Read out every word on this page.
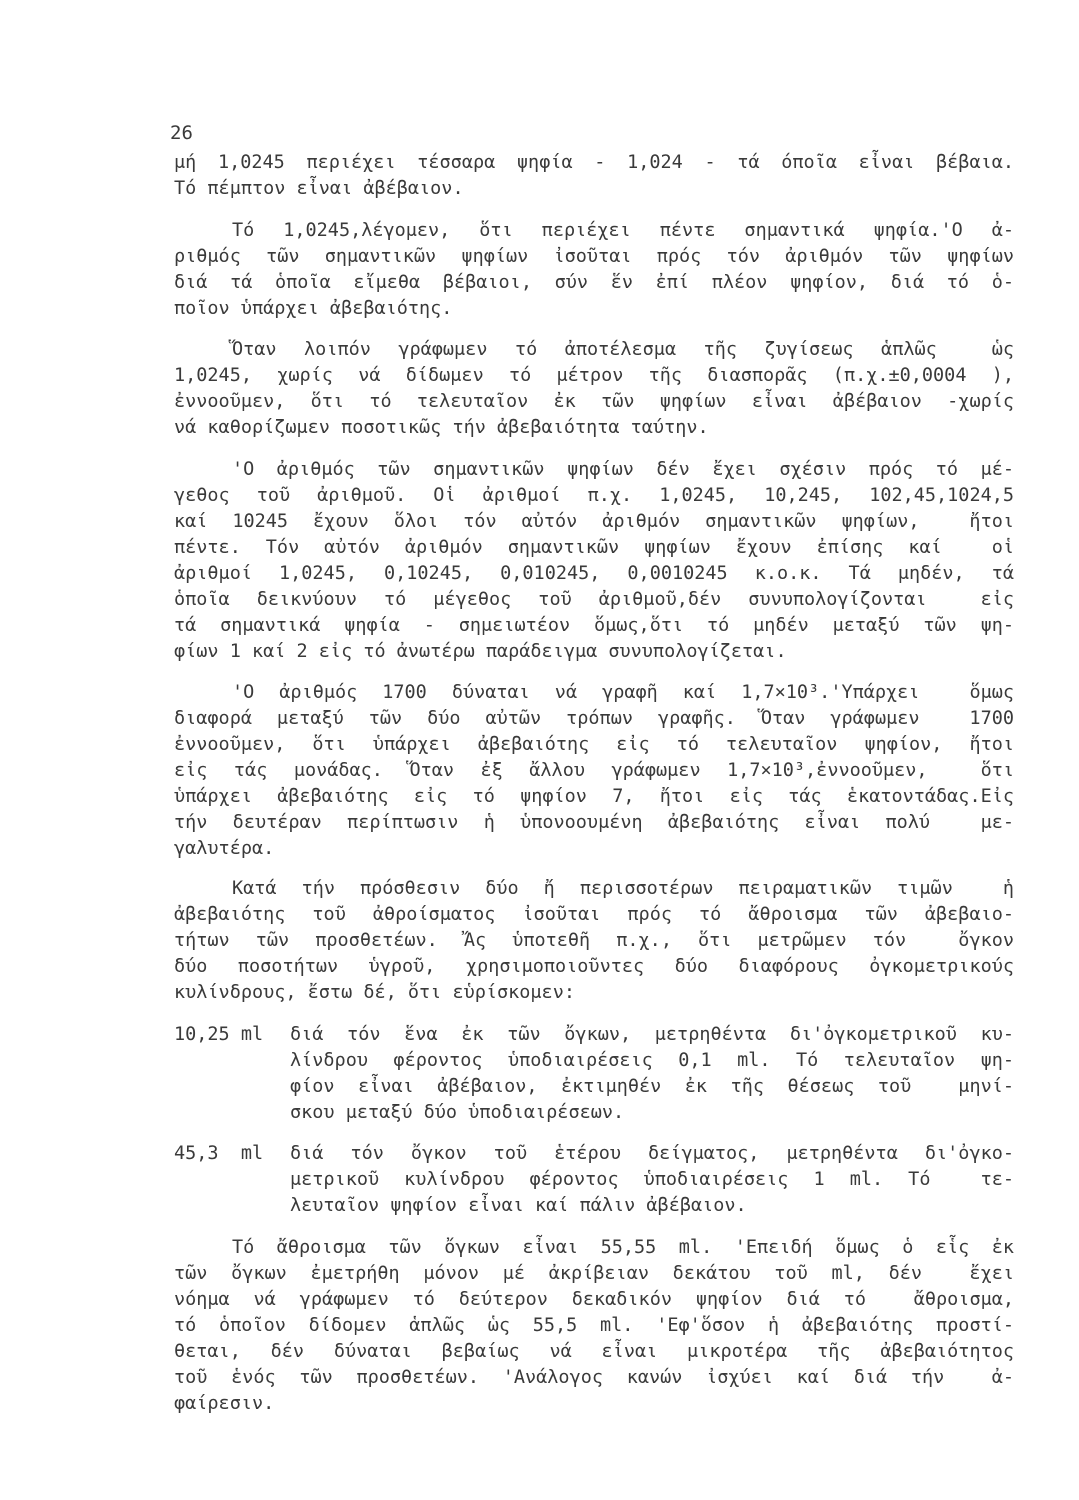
26
μή 1,0245 περιέχει τέσσαρα ψηφία - 1,024 - τά όποῖα εἶναι βέβαια.
Τό πέμπτον εἶναι ἀβέβαιον.
Τό 1,0245,λέγομεν, ὅτι περιέχει πέντε σημαντικά ψηφία.'Ο ἀ-
ριθμός τῶν σημαντικῶν ψηφίων ἰσοῦται πρός τόν ἀριθμόν τῶν ψηφίων
διά τά ὁποῖα εἴμεθα βέβαιοι, σύν ἕν ἐπί πλέον ψηφίον, διά τό ὁ-
ποῖον ὑπάρχει ἀβεβαιότης.
Ὅταν λοιπόν γράφωμεν τό ἀποτέλεσμα τῆς ζυγίσεως ἁπλῶς  ὡς
1,0245, χωρίς νά δίδωμεν τό μέτρον τῆς διασπορᾶς (π.χ.±0,0004 ),
ἐννοοῦμεν, ὅτι τό τελευταῖον ἐκ τῶν ψηφίων εἶναι ἀβέβαιον -χωρίς
νά καθορίζωμεν ποσοτικῶς τήν ἀβεβαιότητα ταύτην.
'Ο ἀριθμός τῶν σημαντικῶν ψηφίων δέν ἔχει σχέσιν πρός τό μέ-
γεθος τοῦ ἀριθμοῦ. Οἱ ἀριθμοί π.χ. 1,0245, 10,245, 102,45,1024,5
καί 10245 ἔχουν ὅλοι τόν αὐτόν ἀριθμόν σημαντικῶν ψηφίων,  ἤτοι
πέντε. Τόν αὐτόν ἀριθμόν σημαντικῶν ψηφίων ἔχουν ἐπίσης καί  οἱ
ἀριθμοί 1,0245, 0,10245, 0,010245, 0,0010245 κ.ο.κ. Τά μηδέν, τά
ὁποῖα δεικνύουν τό μέγεθος τοῦ ἀριθμοῦ,δέν συνυπολογίζονται  εἰς
τά σημαντικά ψηφία - σημειωτέον ὅμως,ὅτι τό μηδέν μεταξύ τῶν ψη-
φίων 1 καί 2 εἰς τό ἀνωτέρω παράδειγμα συνυπολογίζεται.
'Ο ἀριθμός 1700 δύναται νά γραφῆ καί 1,7×10³.'Υπάρχει  ὅμως
διαφορά μεταξύ τῶν δύο αὐτῶν τρόπων γραφῆς. Ὅταν γράφωμεν  1700
ἐννοοῦμεν, ὅτι ὑπάρχει ἀβεβαιότης εἰς τό τελευταῖον ψηφίον, ἤτοι
εἰς τάς μονάδας. Ὅταν ἐξ ἄλλου γράφωμεν 1,7×10³,ἐννοοῦμεν,  ὅτι
ὑπάρχει ἀβεβαιότης εἰς τό ψηφίον 7, ἤτοι εἰς τάς ἑκατοντάδας.Εἰς
τήν δευτέραν περίπτωσιν ἡ ὑπονοουμένη ἀβεβαιότης εἶναι πολύ  με-
γαλυτέρα.
Κατά τήν πρόσθεσιν δύο ἤ περισσοτέρων πειραματικῶν τιμῶν  ἡ
ἀβεβαιότης τοῦ ἀθροίσματος ἰσοῦται πρός τό ἄθροισμα τῶν ἀβεβαιο-
τήτων τῶν προσθετέων. Ἄς ὑποτεθῆ π.χ., ὅτι μετρῶμεν τόν  ὄγκον
δύο ποσοτήτων ὑγροῦ, χρησιμοποιοῦντες δύο διαφόρους ὀγκομετρικούς
κυλίνδρους, ἔστω δέ, ὅτι εὑρίσκομεν:
10,25 ml	διά τόν ἕνα ἐκ τῶν ὄγκων, μετρηθέντα δι'ὀγκομετρικοῦ κυ-
λίνδρου φέροντος ὑποδιαιρέσεις 0,1 ml. Τό τελευταῖον ψη-
φίον εἶναι ἀβέβαιον, ἐκτιμηθέν ἐκ τῆς θέσεως τοῦ  μηνί-
σκου μεταξύ δύο ὑποδιαιρέσεων.
45,3  ml	διά τόν ὄγκον τοῦ ἑτέρου δείγματος, μετρηθέντα δι'ὀγκο-
μετρικοῦ κυλίνδρου φέροντος ὑποδιαιρέσεις 1 ml. Τό  τε-
λευταῖον ψηφίον εἶναι καί πάλιν ἀβέβαιον.
Τό ἄθροισμα τῶν ὄγκων εἶναι 55,55 ml. 'Επειδή ὅμως ὁ εἷς ἐκ
τῶν ὄγκων ἐμετρήθη μόνον μέ ἀκρίβειαν δεκάτου τοῦ ml, δέν  ἔχει
νόημα νά γράφωμεν τό δεύτερον δεκαδικόν ψηφίον διά τό  ἄθροισμα,
τό ὁποῖον δίδομεν ἁπλῶς ὡς 55,5 ml. 'Εφ'ὅσον ἡ ἀβεβαιότης προστί-
θεται, δέν δύναται βεβαίως νά εἶναι μικροτέρα τῆς ἀβεβαιότητος
τοῦ ἑνός τῶν προσθετέων. 'Ανάλογος κανών ἰσχύει καί διά τήν  ἀ-
φαίρεσιν.
